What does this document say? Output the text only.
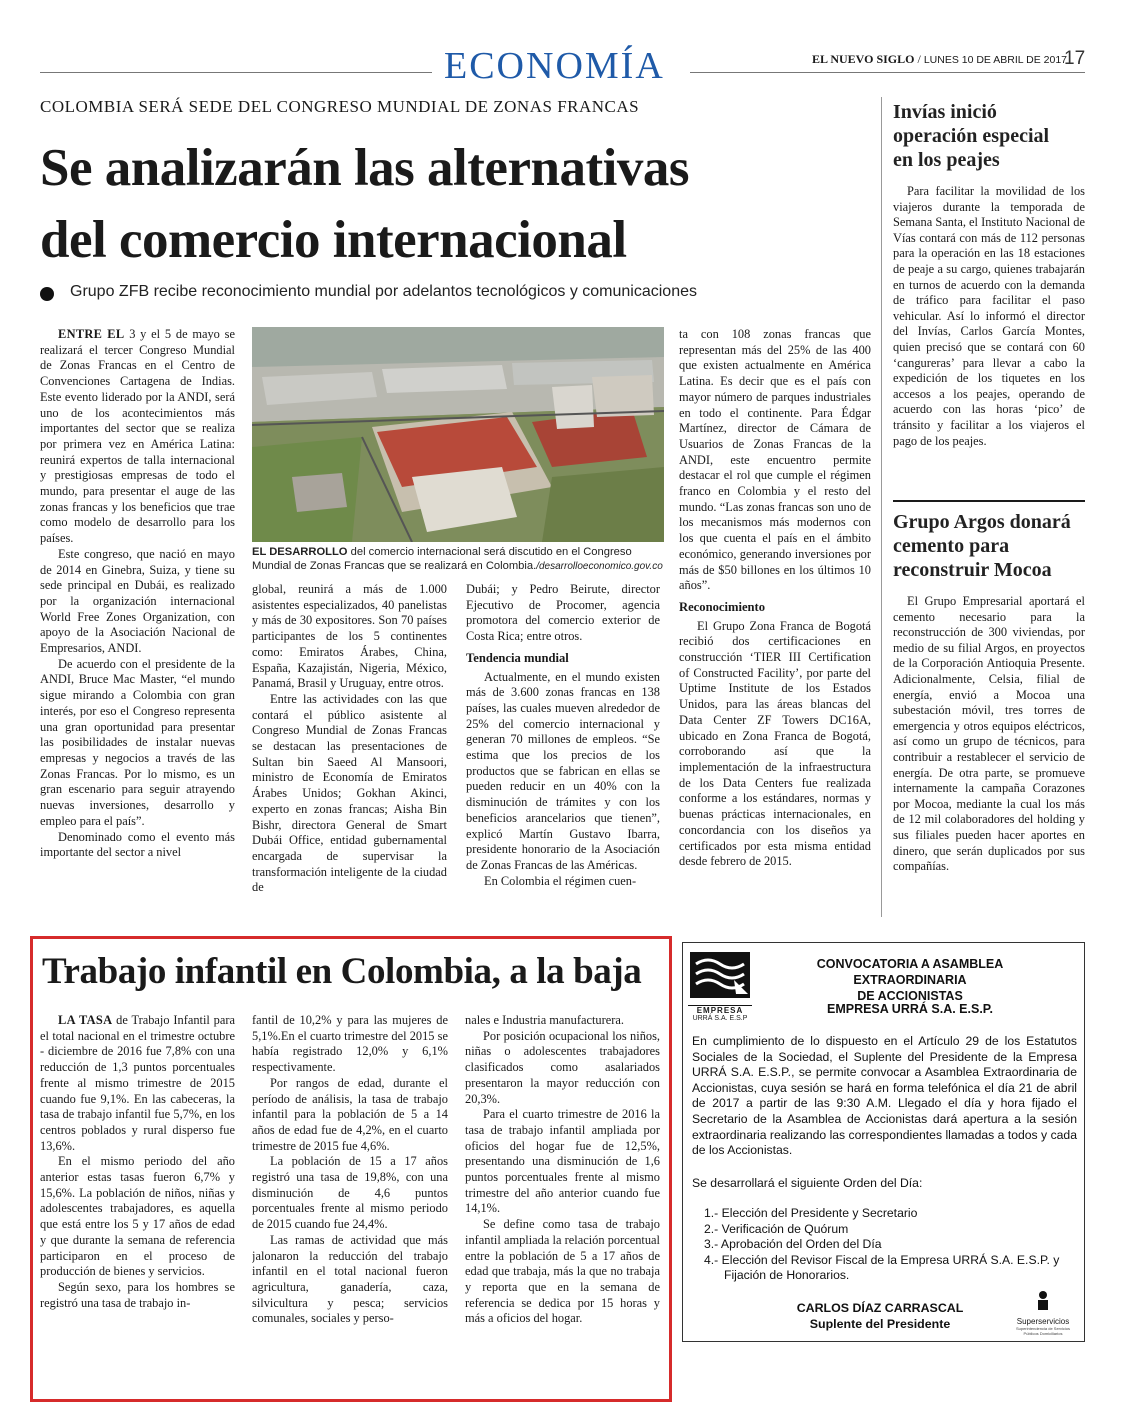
ECONOMÍA	EL NUEVO SIGLO / LUNES 10 DE ABRIL DE 2017
17
COLOMBIA SERÁ SEDE DEL CONGRESO MUNDIAL DE ZONAS FRANCAS
Se analizarán las alternativas
del comercio internacional
Grupo ZFB recibe reconocimiento mundial por adelantos tecnológicos y comunicaciones

ENTRE EL 3 y el 5 de mayo se realizará el tercer Congreso Mundial de Zonas Francas en el Centro de Convenciones Cartagena de Indias. Este evento liderado por la ANDI, será uno de los acontecimientos más importantes del sector que se realiza por primera vez en América Latina: reunirá expertos de talla internacional y prestigiosas empresas de todo el mundo, para presentar el auge de las zonas francas y los beneficios que trae como modelo de desarrollo para los países.

Este congreso, que nació en mayo de 2014 en Ginebra, Suiza, y tiene su sede principal en Dubái, es realizado por la organización internacional World Free Zones Organization, con apoyo de la Asociación Nacional de Empresarios, ANDI.

De acuerdo con el presidente de la ANDI, Bruce Mac Master, “el mundo sigue mirando a Colombia con gran interés, por eso el Congreso representa una gran oportunidad para presentar las posibilidades de instalar nuevas empresas y negocios a través de las Zonas Francas. Por lo mismo, es un gran escenario para seguir atrayendo nuevas inversiones, desarrollo y empleo para el país”.

Denominado como el evento más importante del sector a nivel

EL DESARROLLO del comercio internacional será discutido en el Congreso Mundial de Zonas Francas que se realizará en Colombia./desarrolloeconomico.gov.co

global, reunirá a más de 1.000 asistentes especializados, 40 panelistas y más de 30 expositores. Son 70 países participantes de los 5 continentes como: Emiratos Árabes, China, España, Kazajistán, Nigeria, México, Panamá, Brasil y Uruguay, entre otros.

Entre las actividades con las que contará el público asistente al Congreso Mundial de Zonas Francas se destacan las presentaciones de Sultan bin Saeed Al Mansoori, ministro de Economía de Emiratos Árabes Unidos; Gokhan Akinci, experto en zonas francas; Aisha Bin Bishr, directora General de Smart Dubái Office, entidad gubernamental encargada de supervisar la transformación inteligente de la ciudad de

Dubái; y Pedro Beirute, director Ejecutivo de Procomer, agencia promotora del comercio exterior de Costa Rica; entre otros.

Tendencia mundial

Actualmente, en el mundo existen más de 3.600 zonas francas en 138 países, las cuales mueven alrededor de 25% del comercio internacional y generan 70 millones de empleos. “Se estima que los precios de los productos que se fabrican en ellas se pueden reducir en un 40% con la disminución de trámites y con los beneficios arancelarios que tienen”, explicó Martín Gustavo Ibarra, presidente honorario de la Asociación de Zonas Francas de las Américas.

En Colombia el régimen cuen-

ta con 108 zonas francas que representan más del 25% de las 400 que existen actualmente en América Latina. Es decir que es el país con mayor número de parques industriales en todo el continente. Para Édgar Martínez, director de Cámara de Usuarios de Zonas Francas de la ANDI, este encuentro permite destacar el rol que cumple el régimen franco en Colombia y el resto del mundo. “Las zonas francas son uno de los mecanismos más modernos con los que cuenta el país en el ámbito económico, generando inversiones por más de $50 billones en los últimos 10 años”.

Reconocimiento

El Grupo Zona Franca de Bogotá recibió dos certificaciones en construcción ‘TIER III Certification of Constructed Facility’, por parte del Uptime Institute de los Estados Unidos, para las áreas blancas del Data Center ZF Towers DC16A, ubicado en Zona Franca de Bogotá, corroborando así que la implementación de la infraestructura de los Data Centers fue realizada conforme a los estándares, normas y buenas prácticas internacionales, en concordancia con los diseños ya certificados por esta misma entidad desde febrero de 2015.

Invías inició operación especial en los peajes

Para facilitar la movilidad de los viajeros durante la temporada de Semana Santa, el Instituto Nacional de Vías contará con más de 112 personas para la operación en las 18 estaciones de peaje a su cargo, quienes trabajarán en turnos de acuerdo con la demanda de tráfico para facilitar el paso vehicular. Así lo informó el director del Invías, Carlos García Montes, quien precisó que se contará con 60 ‘cangureras’ para llevar a cabo la expedición de los tiquetes en los accesos a los peajes, operando de acuerdo con las horas ‘pico’ de tránsito y facilitar a los viajeros el pago de los peajes.

Grupo Argos donará cemento para reconstruir Mocoa

El Grupo Empresarial aportará el cemento necesario para la reconstrucción de 300 viviendas, por medio de su filial Argos, en proyectos de la Corporación Antioquia Presente. Adicionalmente, Celsia, filial de energía, envió a Mocoa una subestación móvil, tres torres de emergencia y otros equipos eléctricos, así como un grupo de técnicos, para contribuir a restablecer el servicio de energía. De otra parte, se promueve internamente la campaña Corazones por Mocoa, mediante la cual los más de 12 mil colaboradores del holding y sus filiales pueden hacer aportes en dinero, que serán duplicados por sus compañías.

Trabajo infantil en Colombia, a la baja

LA TASA de Trabajo Infantil para el total nacional en el trimestre octubre - diciembre de 2016 fue 7,8% con una reducción de 1,3 puntos porcentuales frente al mismo trimestre de 2015 cuando fue 9,1%. En las cabeceras, la tasa de trabajo infantil fue 5,7%, en los centros poblados y rural disperso fue 13,6%.

En el mismo periodo del año anterior estas tasas fueron 6,7% y 15,6%. La población de niños, niñas y adolescentes trabajadores, es aquella que está entre los 5 y 17 años de edad y que durante la semana de referencia participaron en el proceso de producción de bienes y servicios.

Según sexo, para los hombres se registró una tasa de trabajo in-

fantil de 10,2% y para las mujeres de 5,1%.En el cuarto trimestre del 2015 se había registrado 12,0% y 6,1% respectivamente.

Por rangos de edad, durante el período de análisis, la tasa de trabajo infantil para la población de 5 a 14 años de edad fue de 4,2%, en el cuarto trimestre de 2015 fue 4,6%.

La población de 15 a 17 años registró una tasa de 19,8%, con una disminución de 4,6 puntos porcentuales frente al mismo periodo de 2015 cuando fue 24,4%.

Las ramas de actividad que más jalonaron la reducción del trabajo infantil en el total nacional fueron agricultura, ganadería, caza, silvicultura y pesca; servicios comunales, sociales y perso-

nales e Industria manufacturera.

Por posición ocupacional los niños, niñas o adolescentes trabajadores clasificados como asalariados presentaron la mayor reducción con 20,3%.

Para el cuarto trimestre de 2016 la tasa de trabajo infantil ampliada por oficios del hogar fue de 12,5%, presentando una disminución de 1,6 puntos porcentuales frente al mismo trimestre del año anterior cuando fue 14,1%.

Se define como tasa de trabajo infantil ampliada la relación porcentual entre la población de 5 a 17 años de edad que trabaja, más la que no trabaja y reporta que en la semana de referencia se dedica por 15 horas y más a oficios del hogar.

EMPRESA
URRÁ S.A. E.S.P
CONVOCATORIA A ASAMBLEA EXTRAORDINARIA
DE ACCIONISTAS
EMPRESA URRÁ S.A. E.S.P.

En cumplimiento de lo dispuesto en el Artículo 29 de los Estatutos Sociales de la Sociedad, el Suplente del Presidente de la Empresa URRÁ S.A. E.S.P., se permite convocar a Asamblea Extraordinaria de Accionistas, cuya sesión se hará en forma telefónica el día 21 de abril de 2017 a partir de las 9:30 A.M. Llegado el día y hora fijado el Secretario de la Asamblea de Accionistas dará apertura a la sesión extraordinaria realizando las correspondientes llamadas a todos y cada de los Accionistas.

Se desarrollará el siguiente Orden del Día:
1.- Elección del Presidente y Secretario
2.- Verificación de Quórum
3.- Aprobación del Orden del Día
4.- Elección del Revisor Fiscal de la Empresa URRÁ S.A. E.S.P. y Fijación de Honorarios.
CARLOS DÍAZ CARRASCAL
Suplente del Presidente	Superservicios
Superintendencia de Servicios Públicos Domiciliarios
